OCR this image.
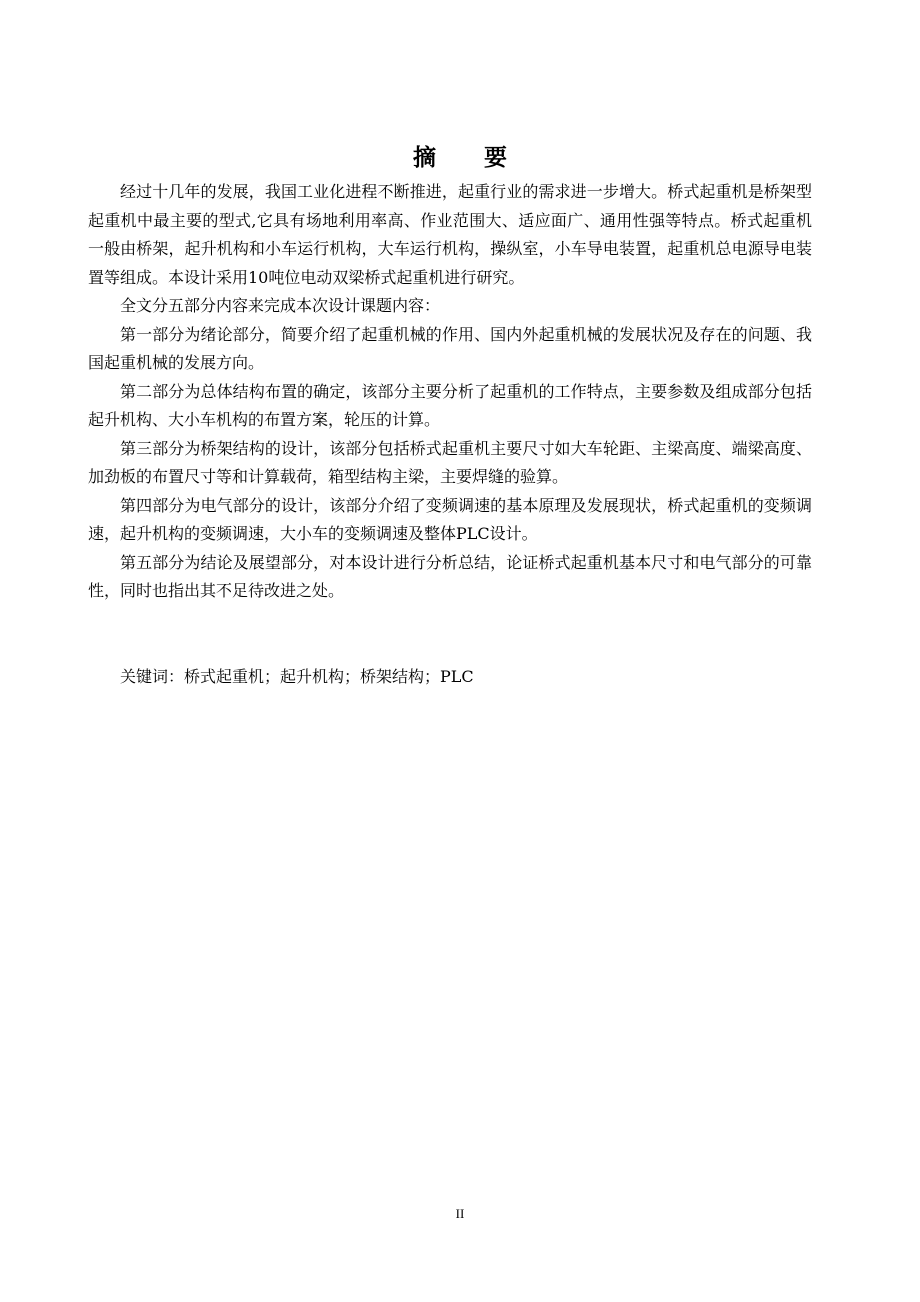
摘 要

经过十几年的发展，我国工业化进程不断推进，起重行业的需求进一步增大。桥式起重机是桥架型起重机中最主要的型式,它具有场地利用率高、作业范围大、适应面广、通用性强等特点。桥式起重机一般由桥架，起升机构和小车运行机构，大车运行机构，操纵室，小车导电装置，起重机总电源导电装置等组成。本设计采用10吨位电动双梁桥式起重机进行研究。

全文分五部分内容来完成本次设计课题内容：

第一部分为绪论部分，简要介绍了起重机械的作用、国内外起重机械的发展状况及存在的问题、我国起重机械的发展方向。

第二部分为总体结构布置的确定，该部分主要分析了起重机的工作特点，主要参数及组成部分包括起升机构、大小车机构的布置方案，轮压的计算。

第三部分为桥架结构的设计，该部分包括桥式起重机主要尺寸如大车轮距、主梁高度、端梁高度、加劲板的布置尺寸等和计算载荷，箱型结构主梁，主要焊缝的验算。

第四部分为电气部分的设计，该部分介绍了变频调速的基本原理及发展现状，桥式起重机的变频调速，起升机构的变频调速，大小车的变频调速及整体PLC设计。

第五部分为结论及展望部分，对本设计进行分析总结，论证桥式起重机基本尺寸和电气部分的可靠性，同时也指出其不足待改进之处。

关键词：桥式起重机；起升机构；桥架结构；PLC
II
